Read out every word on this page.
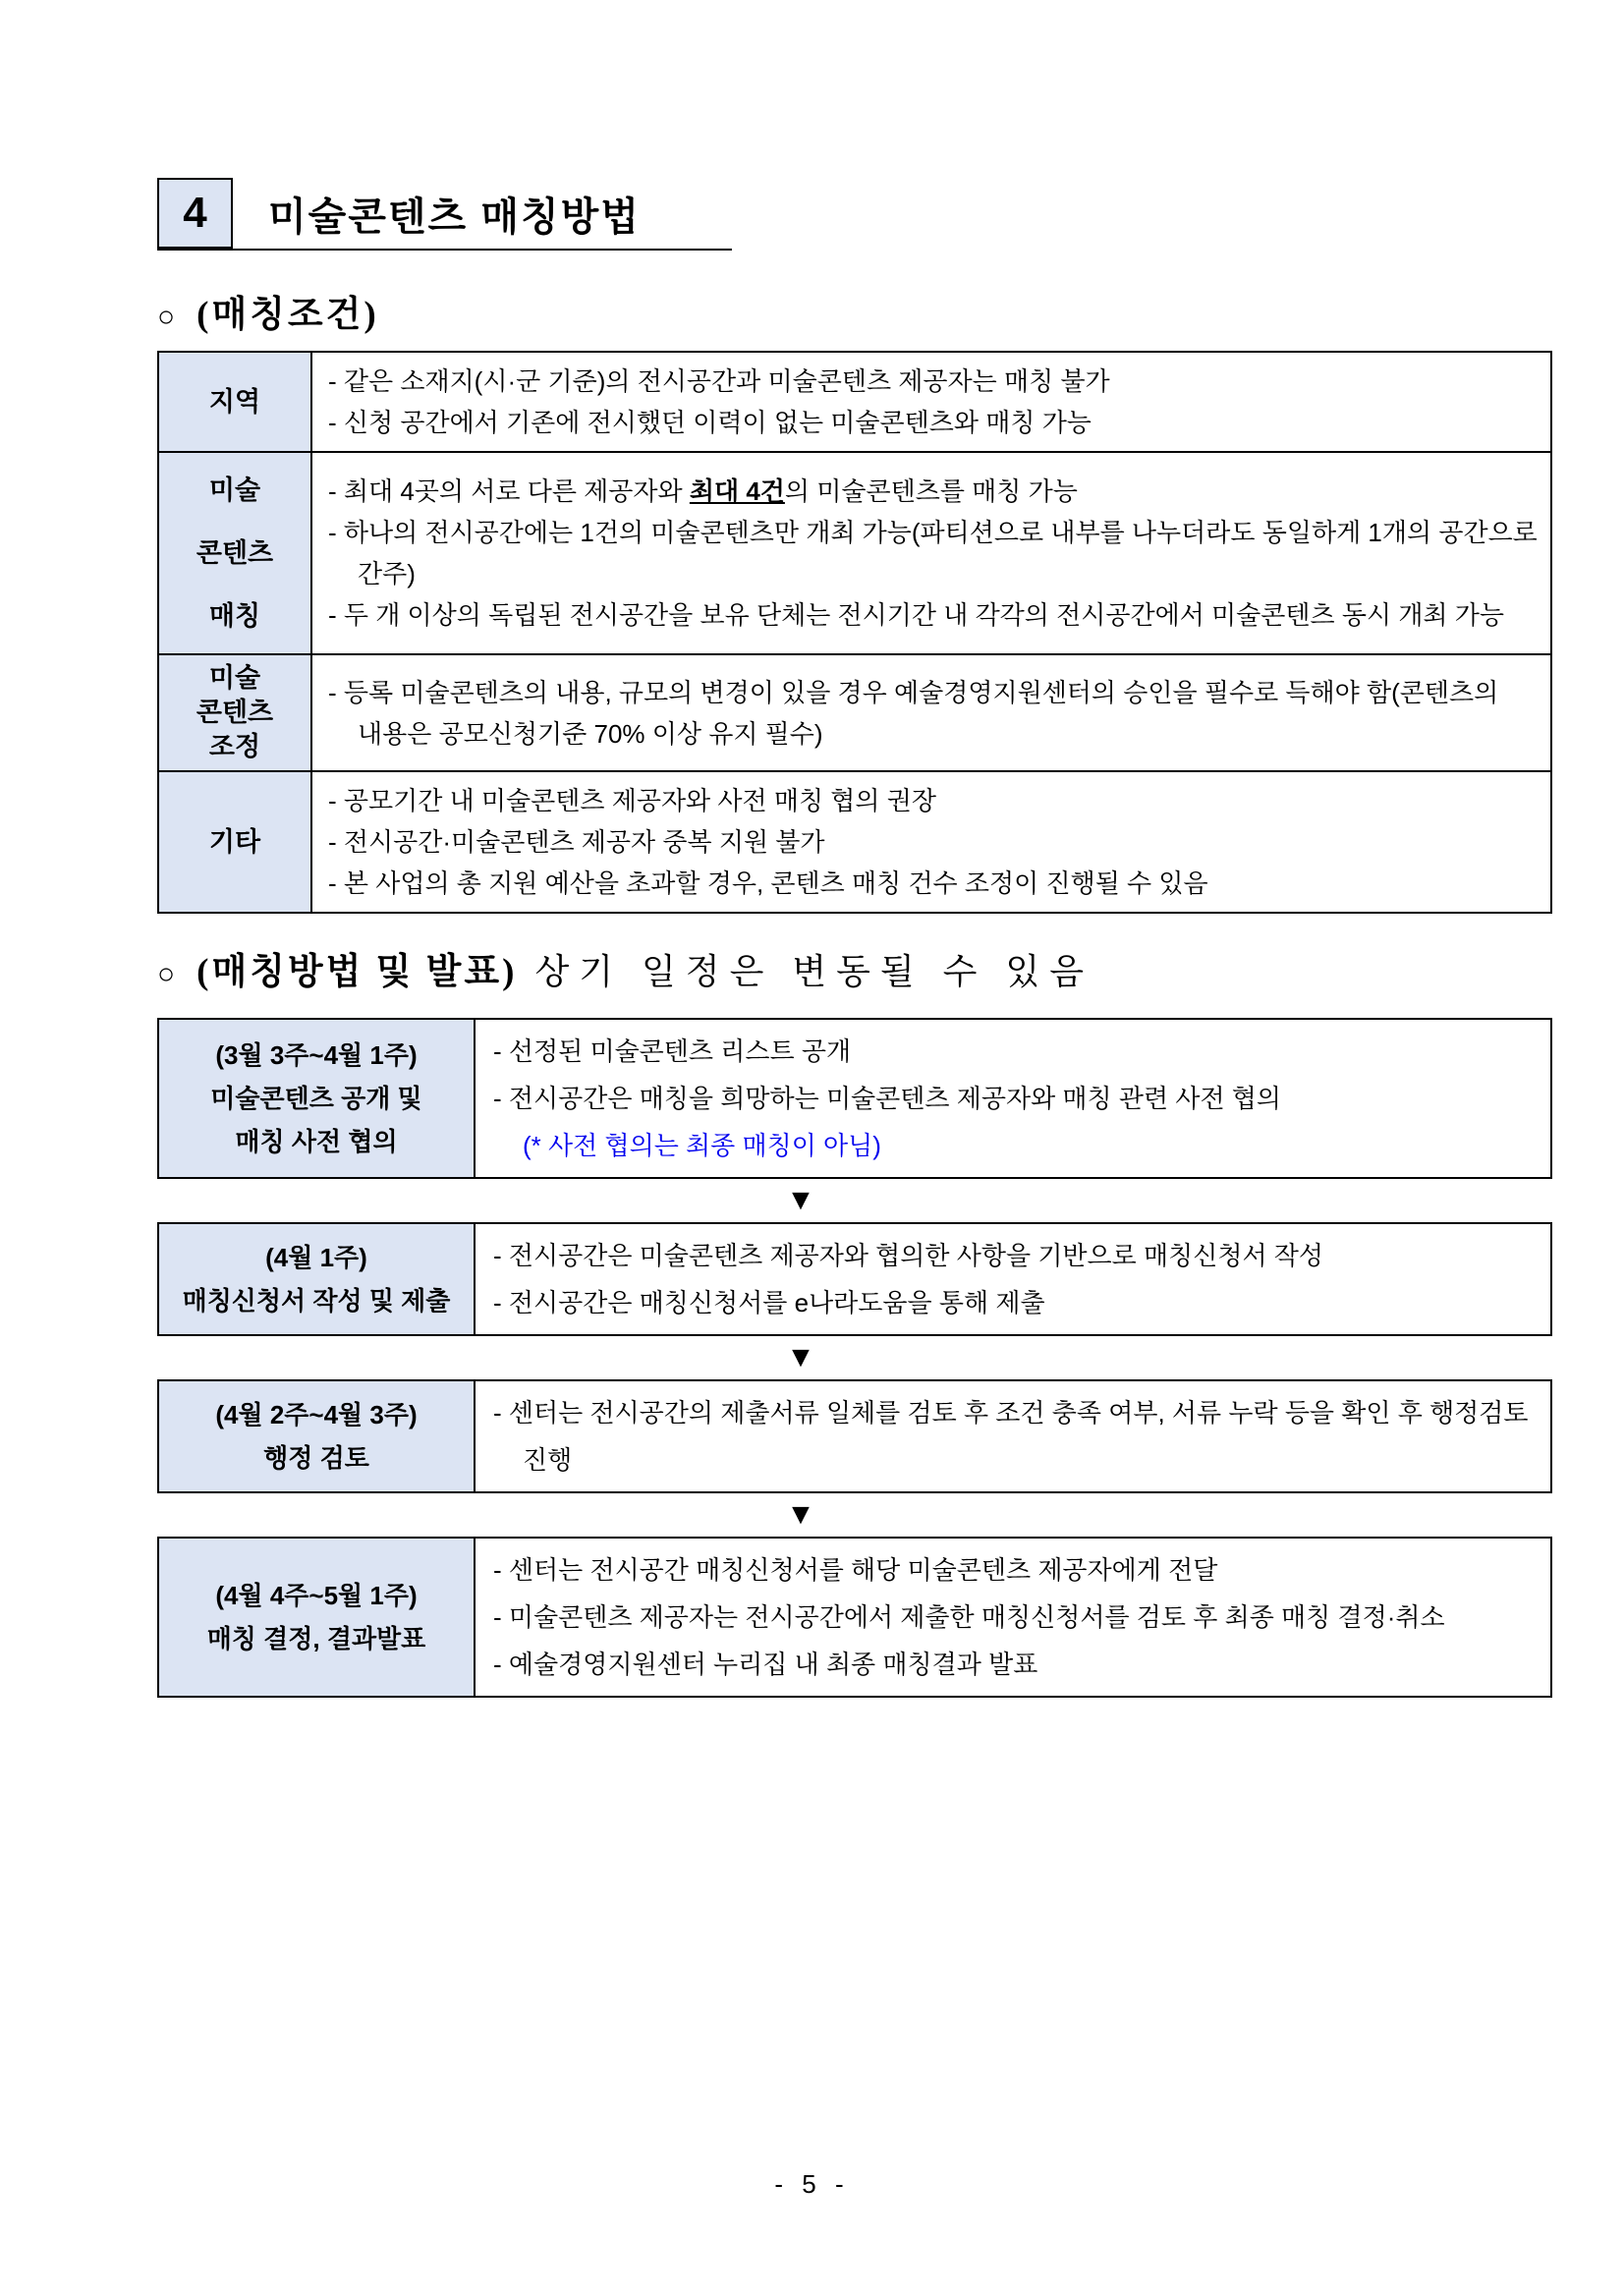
4 미술콘텐츠 매칭방법
○ (매칭조건)
지역	- 같은 소재지(시·군 기준)의 전시공간과 미술콘텐츠 제공자는 매칭 불가
- 신청 공간에서 기존에 전시했던 이력이 없는 미술콘텐츠와 매칭 가능

미술
콘텐츠
매칭

- 최대 4곳의 서로 다른 제공자와 최대 4건의 미술콘텐츠를 매칭 가능
- 하나의 전시공간에는 1건의 미술콘텐츠만 개최 가능(파티션으로 내부를 나누더라도 동일하게 1개의 공간으로 간주)
- 두 개 이상의 독립된 전시공간을 보유 단체는 전시기간 내 각각의 전시공간에서 미술콘텐츠 동시 개최 가능

미술
콘텐츠
조정	- 등록 미술콘텐츠의 내용, 규모의 변경이 있을 경우 예술경영지원센터의 승인을 필수로 득해야 함(콘텐츠의 내용은 공모신청기준 70% 이상 유지 필수)

기타	- 공모기간 내 미술콘텐츠 제공자와 사전 매칭 협의 권장
- 전시공간·미술콘텐츠 제공자 중복 지원 불가
- 본 사업의 총 지원 예산을 초과할 경우, 콘텐츠 매칭 건수 조정이 진행될 수 있음
○ (매칭방법 및 발표) 상기 일정은 변동될 수 있음
(3월 3주~4월 1주)
미술콘텐츠 공개 및
매칭 사전 협의

- 선정된 미술콘텐츠 리스트 공개
- 전시공간은 매칭을 희망하는 미술콘텐츠 제공자와 매칭 관련 사전 협의
(* 사전 협의는 최종 매칭이 아님)
▼
(4월 1주)
매칭신청서 작성 및 제출

- 전시공간은 미술콘텐츠 제공자와 협의한 사항을 기반으로 매칭신청서 작성
- 전시공간은 매칭신청서를 e나라도움을 통해 제출
▼
(4월 2주~4월 3주)
행정 검토

- 센터는 전시공간의 제출서류 일체를 검토 후 조건 충족 여부, 서류 누락 등을 확인 후 행정검토 진행
▼
(4월 4주~5월 1주)
매칭 결정, 결과발표

- 센터는 전시공간 매칭신청서를 해당 미술콘텐츠 제공자에게 전달
- 미술콘텐츠 제공자는 전시공간에서 제출한 매칭신청서를 검토 후 최종 매칭 결정·취소
- 예술경영지원센터 누리집 내 최종 매칭결과 발표
- 5 -
